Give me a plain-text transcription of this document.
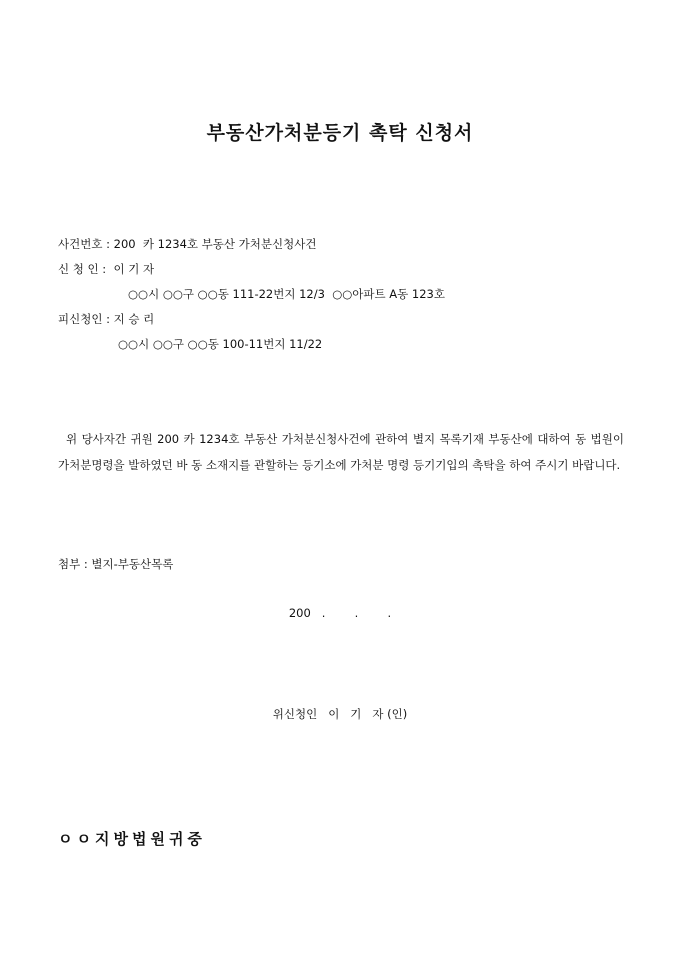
부동산가처분등기 촉탁 신청서
사건번호 : 200  카 1234호 부동산 가처분신청사건
신 청 인 :  이 기 자
○○시 ○○구 ○○동 111-22번지 12/3  ○○아파트 A동 123호
피신청인 : 지 승 리
○○시 ○○구 ○○동 100-11번지 11/22
위 당사자간 귀원 200 카 1234호 부동산 가처분신청사건에 관하여 별지 목록기재 부동산에 대하여 동 법원이 가처분명령을 발하였던 바 동 소재지를 관할하는 등기소에 가처분 명령 등기기입의 촉탁을 하여 주시기 바랍니다.
첨부 : 별지-부동산목록
200   .        .        .
위신청인   이   기   자 (인)
ㅇㅇ지방법원귀중
